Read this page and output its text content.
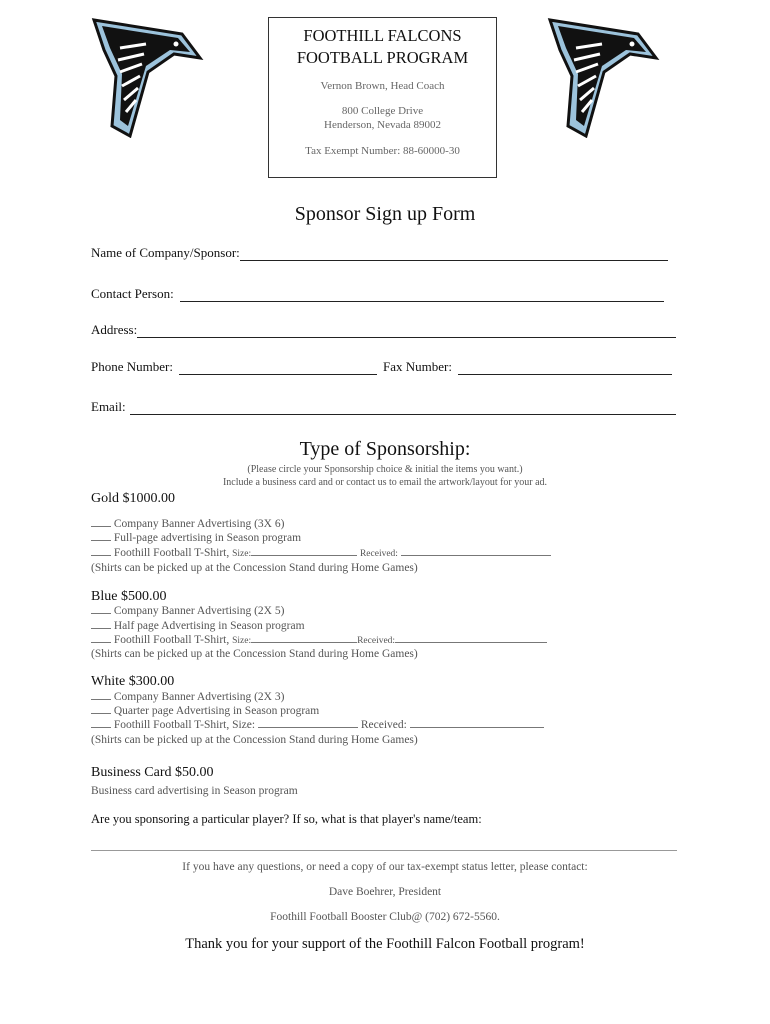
FOOTHILL FALCONS
FOOTBALL PROGRAM
Vernon Brown, Head Coach
800 College Drive
Henderson, Nevada 89002
Tax Exempt Number: 88-60000-30
Sponsor Sign up Form
Name of Company/Sponsor:
Contact Person:
Address:
Phone Number:	Fax Number:
Email:
Type of Sponsorship:
(Please circle your Sponsorship choice & initial the items you want.)
Include a business card and or contact us to email the artwork/layout for your ad.
Gold $1000.00
Company Banner Advertising (3X 6)
Full-page advertising in Season program
Foothill Football T-Shirt, Size:	Received:
(Shirts can be picked up at the Concession Stand during Home Games)
Blue $500.00
Company Banner Advertising (2X 5)
Half page Advertising in Season program
Foothill Football T-Shirt, Size:	Received:
(Shirts can be picked up at the Concession Stand during Home Games)
White $300.00
Company Banner Advertising (2X 3)
Quarter page Advertising in Season program
Foothill Football T-Shirt, Size:	Received:
(Shirts can be picked up at the Concession Stand during Home Games)
Business Card $50.00
Business card advertising in Season program
Are you sponsoring a particular player? If so, what is that player's name/team:
If you have any questions, or need a copy of our tax-exempt status letter, please contact:
Dave Boehrer, President
Foothill Football Booster Club@ (702) 672-5560.
Thank you for your support of the Foothill Falcon Football program!
